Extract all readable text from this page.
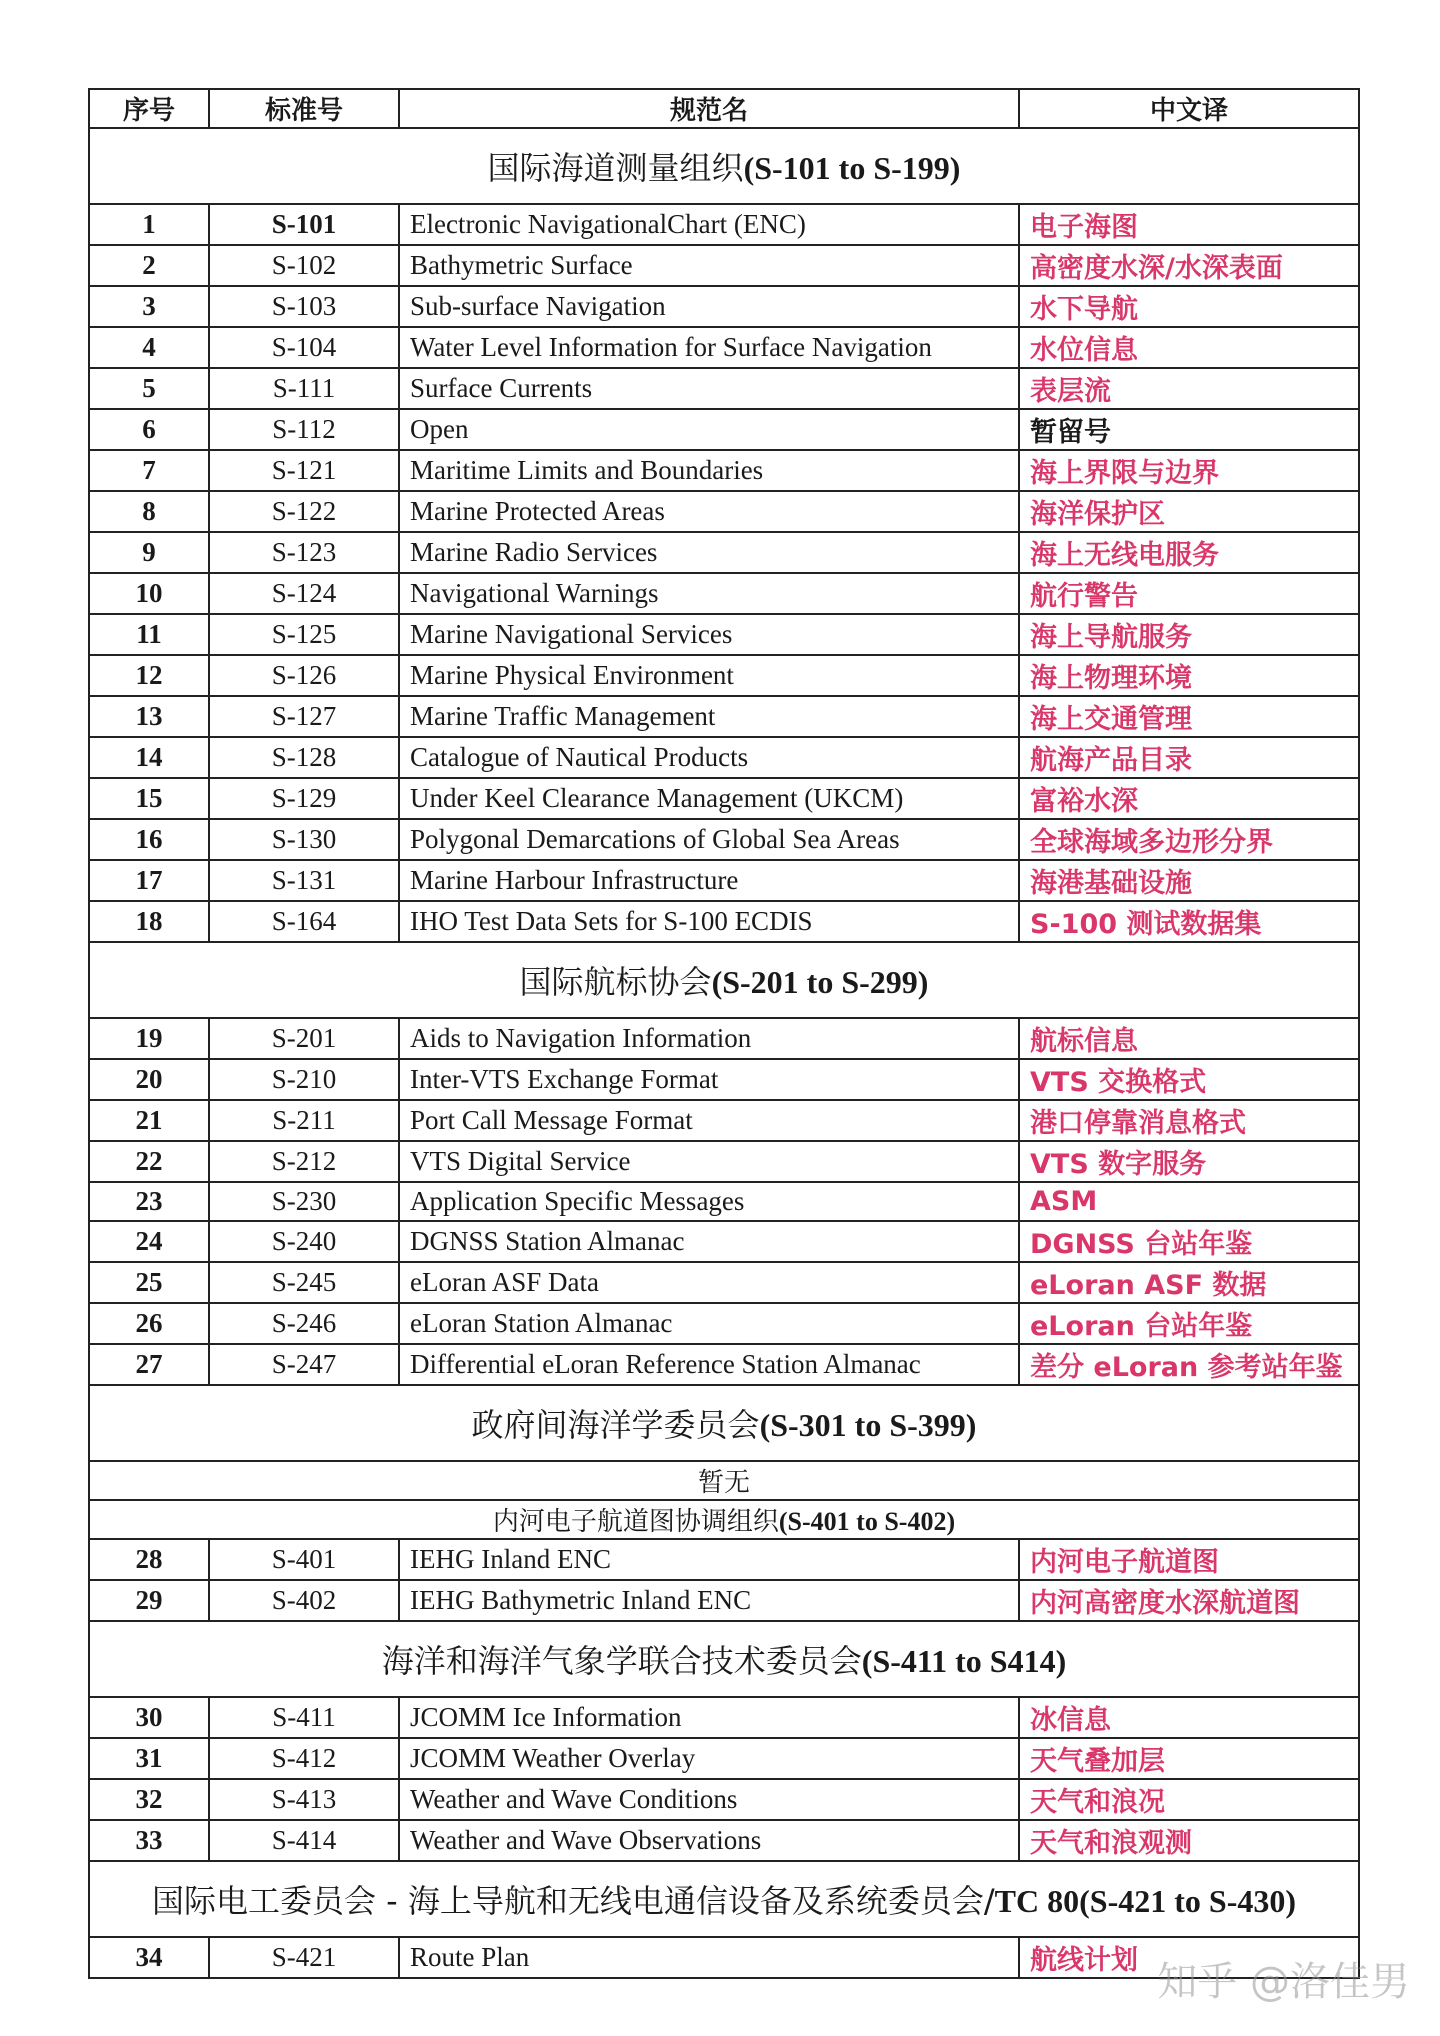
序号	标准号	规范名	中文译
国际海道测量组织(S-101 to S-199)			
1	S-101	Electronic NavigationalChart (ENC)	电子海图
2	S-102	Bathymetric Surface	高密度水深/水深表面
3	S-103	Sub-surface Navigation	水下导航
4	S-104	Water Level Information for Surface Navigation	水位信息
5	S-111	Surface Currents	表层流
6	S-112	Open	暂留号
7	S-121	Maritime Limits and Boundaries	海上界限与边界
8	S-122	Marine Protected Areas	海洋保护区
9	S-123	Marine Radio Services	海上无线电服务
10	S-124	Navigational Warnings	航行警告
11	S-125	Marine Navigational Services	海上导航服务
12	S-126	Marine Physical Environment	海上物理环境
13	S-127	Marine Traffic Management	海上交通管理
14	S-128	Catalogue of Nautical Products	航海产品目录
15	S-129	Under Keel Clearance Management (UKCM)	富裕水深
16	S-130	Polygonal Demarcations of Global Sea Areas	全球海域多边形分界
17	S-131	Marine Harbour Infrastructure	海港基础设施
18	S-164	IHO Test Data Sets for S-100 ECDIS	S-100 测试数据集
国际航标协会(S-201 to S-299)			
19	S-201	Aids to Navigation Information	航标信息
20	S-210	Inter-VTS Exchange Format	VTS 交换格式
21	S-211	Port Call Message Format	港口停靠消息格式
22	S-212	VTS Digital Service	VTS 数字服务
23	S-230	Application Specific Messages	ASM
24	S-240	DGNSS Station Almanac	DGNSS 台站年鉴
25	S-245	eLoran ASF Data	eLoran ASF 数据
26	S-246	eLoran Station Almanac	eLoran 台站年鉴
27	S-247	Differential eLoran Reference Station Almanac	差分 eLoran 参考站年鉴
政府间海洋学委员会(S-301 to S-399)			
暂无			
内河电子航道图协调组织(S-401 to S-402)			
28	S-401	IEHG Inland ENC	内河电子航道图
29	S-402	IEHG Bathymetric Inland ENC	内河高密度水深航道图
海洋和海洋气象学联合技术委员会(S-411 to S414)			
30	S-411	JCOMM Ice Information	冰信息
31	S-412	JCOMM Weather Overlay	天气叠加层
32	S-413	Weather and Wave Conditions	天气和浪况
33	S-414	Weather and Wave Observations	天气和浪观测
国际电工委员会 - 海上导航和无线电通信设备及系统委员会/TC 80(S-421 to S-430)			
34	S-421	Route Plan	航线计划 知乎 @洛佳男
